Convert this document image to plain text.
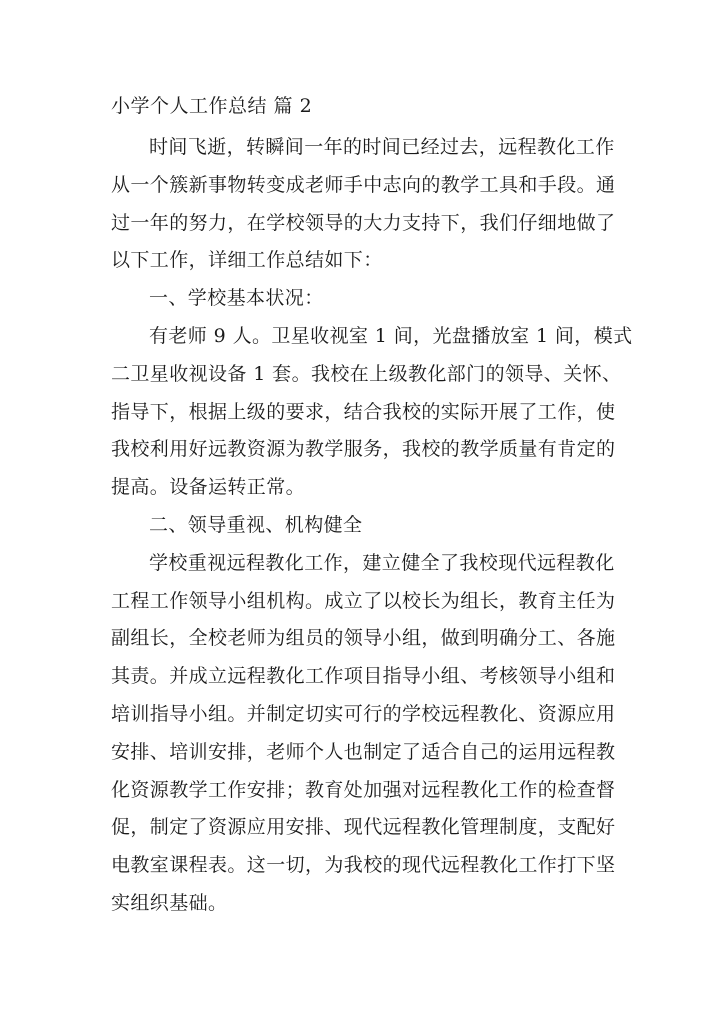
小学个人工作总结 篇 2
时间飞逝，转瞬间一年的时间已经过去，远程教化工作
从一个簇新事物转变成老师手中志向的教学工具和手段。通
过一年的努力，在学校领导的大力支持下，我们仔细地做了
以下工作，详细工作总结如下：
一、学校基本状况：
有老师 9 人。卫星收视室 1 间，光盘播放室 1 间，模式
二卫星收视设备 1 套。我校在上级教化部门的领导、关怀、
指导下，根据上级的要求，结合我校的实际开展了工作，使
我校利用好远教资源为教学服务，我校的教学质量有肯定的
提高。设备运转正常。
二、领导重视、机构健全
学校重视远程教化工作，建立健全了我校现代远程教化
工程工作领导小组机构。成立了以校长为组长，教育主任为
副组长，全校老师为组员的领导小组，做到明确分工、各施
其责。并成立远程教化工作项目指导小组、考核领导小组和
培训指导小组。并制定切实可行的学校远程教化、资源应用
安排、培训安排，老师个人也制定了适合自己的运用远程教
化资源教学工作安排；教育处加强对远程教化工作的检查督
促，制定了资源应用安排、现代远程教化管理制度，支配好
电教室课程表。这一切，为我校的现代远程教化工作打下坚
实组织基础。
